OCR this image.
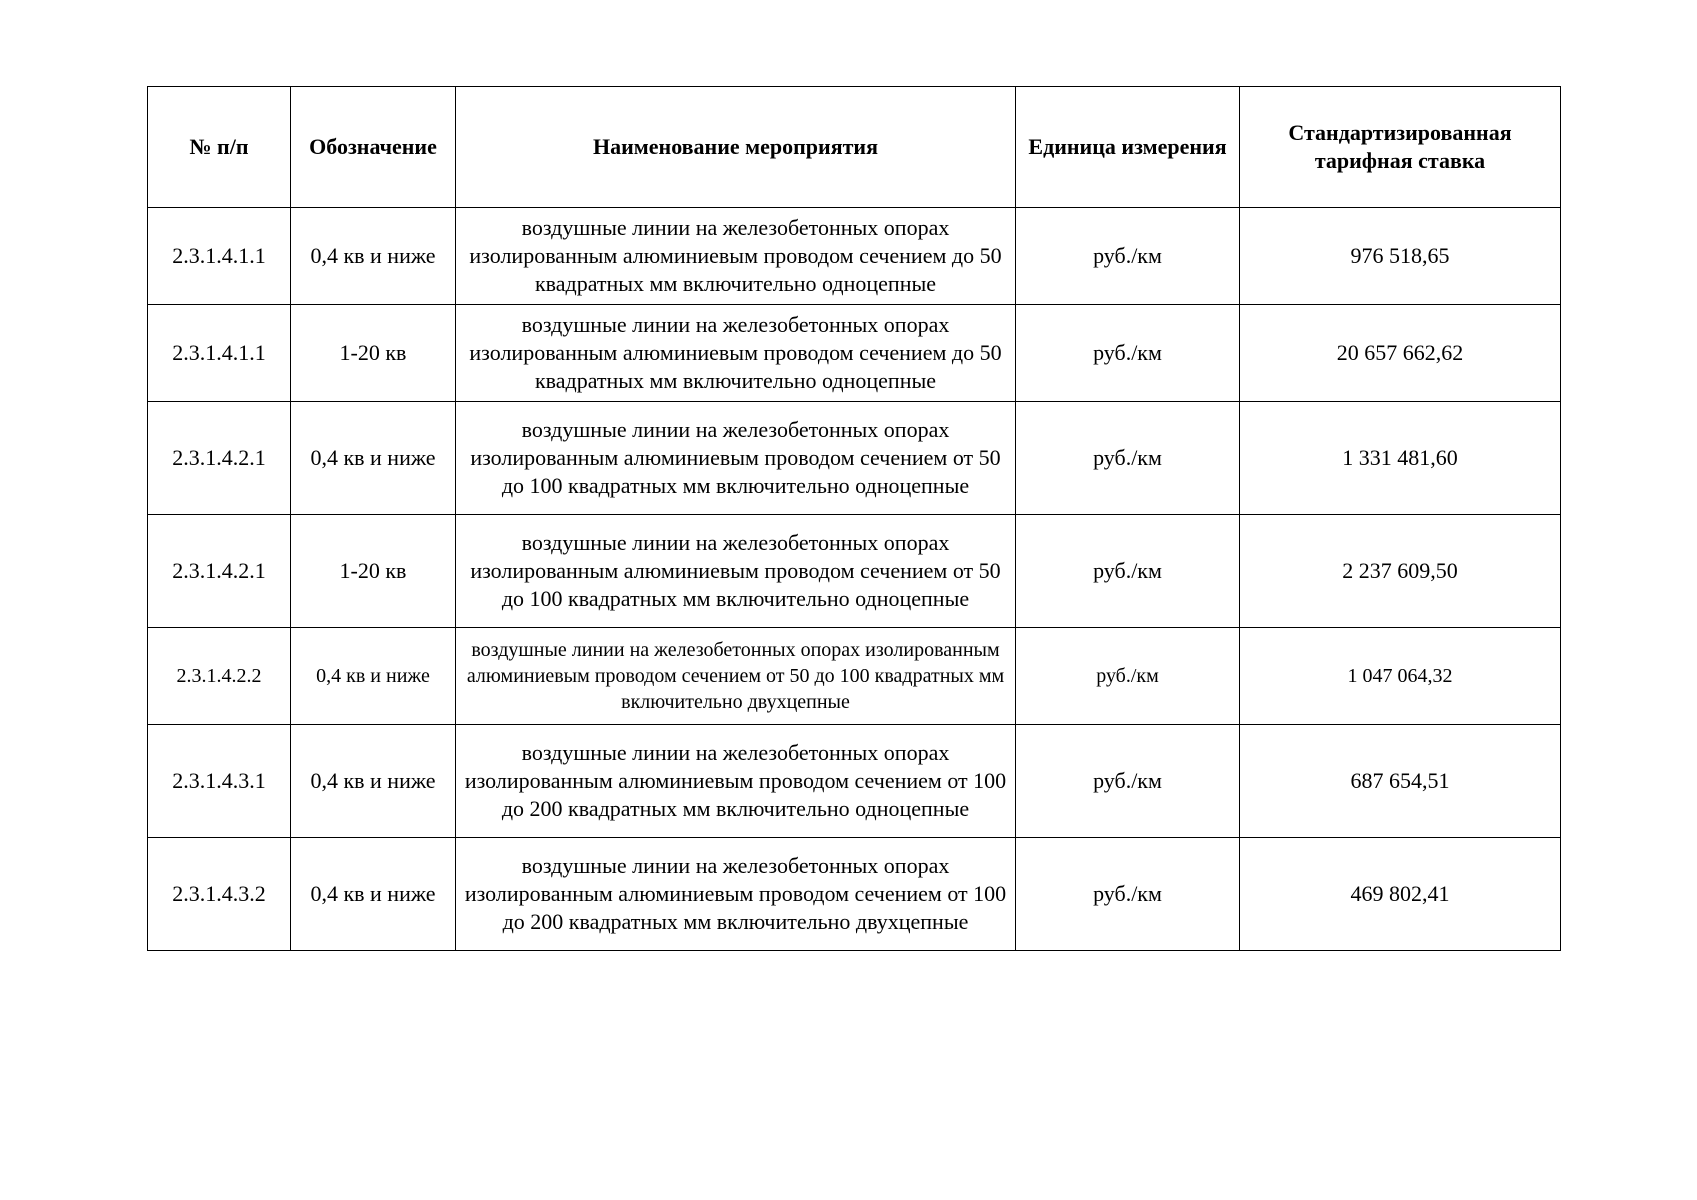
№ п/п	Обозначение	Наименование мероприятия	Единица измерения	Стандартизированная тарифная ставка
2.3.1.4.1.1	0,4 кв и ниже	воздушные линии на железобетонных опорах изолированным алюминиевым проводом сечением до 50 квадратных мм включительно одноцепные	руб./км	976 518,65
2.3.1.4.1.1	1-20 кв	воздушные линии на железобетонных опорах изолированным алюминиевым проводом сечением до 50 квадратных мм включительно одноцепные	руб./км	20 657 662,62
2.3.1.4.2.1	0,4 кв и ниже	воздушные линии на железобетонных опорах изолированным алюминиевым проводом сечением от 50 до 100 квадратных мм включительно одноцепные	руб./км	1 331 481,60
2.3.1.4.2.1	1-20 кв	воздушные линии на железобетонных опорах изолированным алюминиевым проводом сечением от 50 до 100 квадратных мм включительно одноцепные	руб./км	2 237 609,50
2.3.1.4.2.2	0,4 кв и ниже	воздушные линии на железобетонных опорах изолированным алюминиевым проводом сечением от 50 до 100 квадратных мм включительно двухцепные	руб./км	1 047 064,32
2.3.1.4.3.1	0,4 кв и ниже	воздушные линии на железобетонных опорах изолированным алюминиевым проводом сечением от 100 до 200 квадратных мм включительно одноцепные	руб./км	687 654,51
2.3.1.4.3.2	0,4 кв и ниже	воздушные линии на железобетонных опорах изолированным алюминиевым проводом сечением от 100 до 200 квадратных мм включительно двухцепные	руб./км	469 802,41
